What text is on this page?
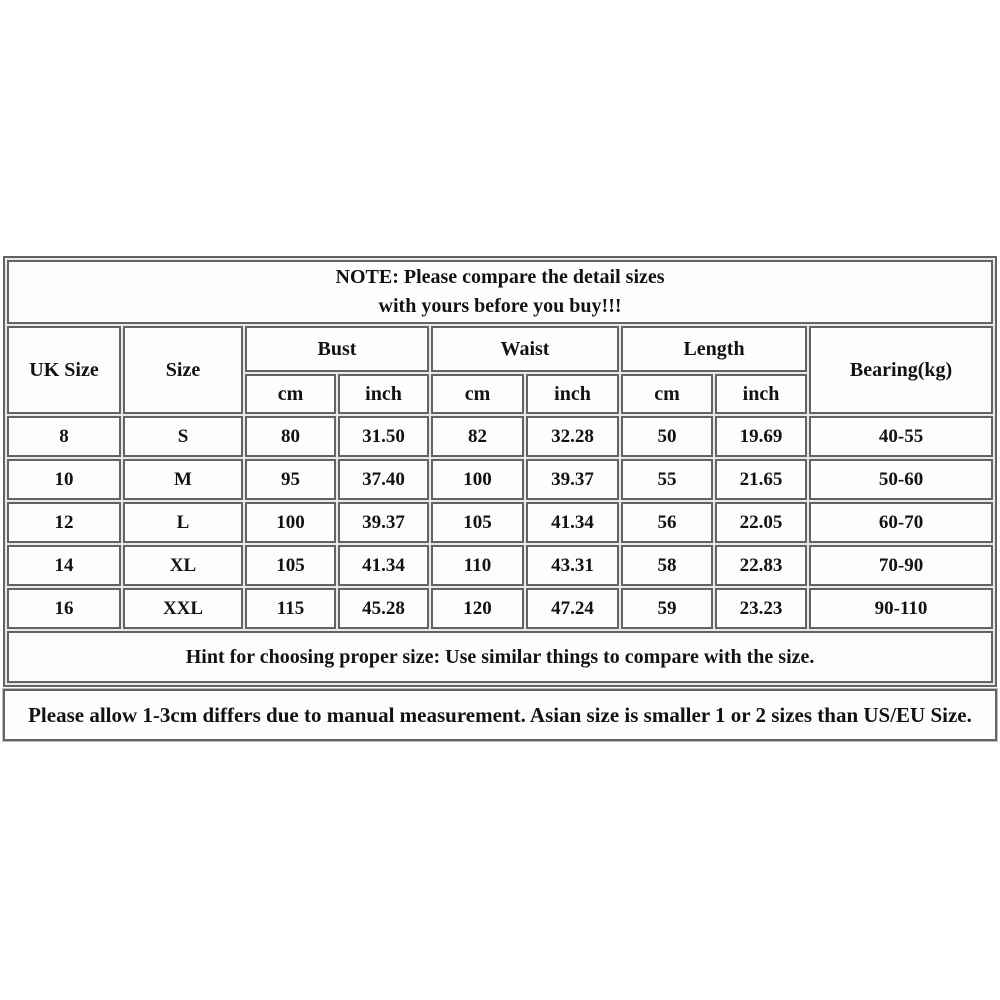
NOTE: Please compare the detail sizes
with yours before you buy!!!								

UK Size	Size	Bust		Waist		Length		Bearing(kg)
		cm	inch	cm	inch	cm	inch	
8	S	80	31.50	82	32.28	50	19.69	40-55
10	M	95	37.40	100	39.37	55	21.65	50-60
12	L	100	39.37	105	41.34	56	22.05	60-70
14	XL	105	41.34	110	43.31	58	22.83	70-90
16	XXL	115	45.28	120	47.24	59	23.23	90-110
Hint for choosing proper size: Use similar things to compare with the size.								
Please allow 1-3cm differs due to manual measurement. Asian size is smaller 1 or 2 sizes than US/EU Size.
